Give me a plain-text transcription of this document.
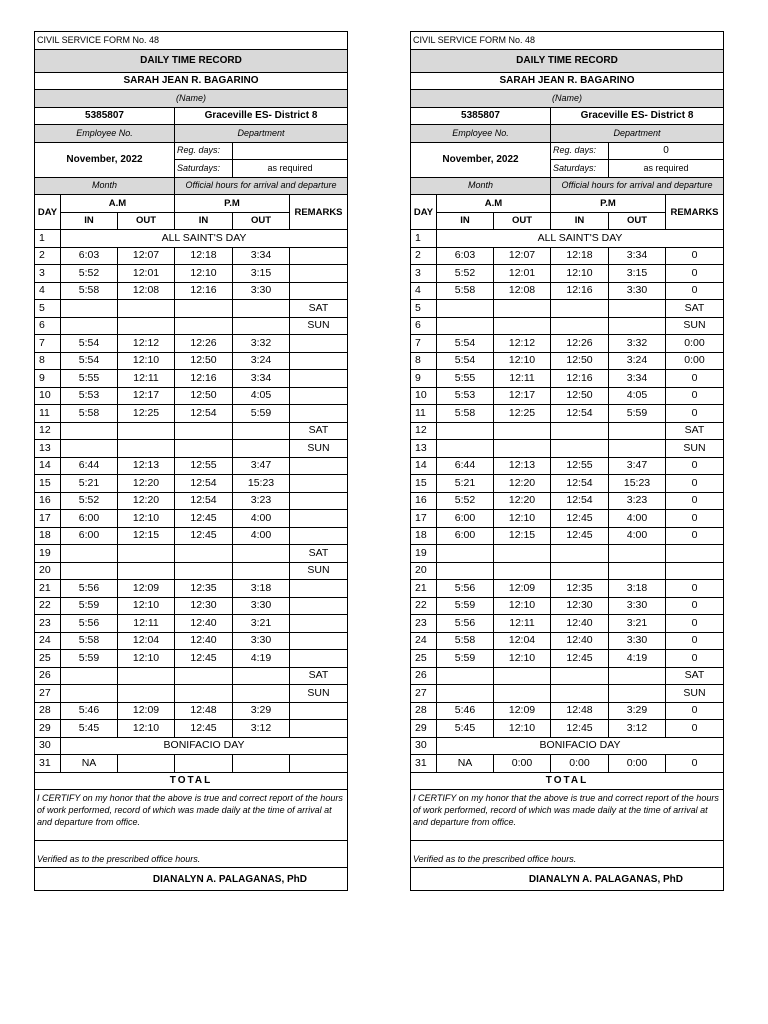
CIVIL SERVICE FORM No. 48					
DAILY TIME RECORD					
SARAH JEAN R. BAGARINO					
(Name)					
5385807			Graceville ES- District 8		
Employee No.			Department		
November, 2022			Reg. days:		
			Saturdays:	as required	
Month			Official hours for arrival and departure		
DAY	A.M		P.M		REMARKS
	IN	OUT	IN	OUT	
1	ALL SAINT'S DAY				
2	6:03	12:07	12:18	3:34	
3	5:52	12:01	12:10	3:15	
4	5:58	12:08	12:16	3:30	
5					SAT
6					SUN
7	5:54	12:12	12:26	3:32	
8	5:54	12:10	12:50	3:24	
9	5:55	12:11	12:16	3:34	
10	5:53	12:17	12:50	4:05	
11	5:58	12:25	12:54	5:59	
12					SAT
13					SUN
14	6:44	12:13	12:55	3:47	
15	5:21	12:20	12:54	15:23	
16	5:52	12:20	12:54	3:23	
17	6:00	12:10	12:45	4:00	
18	6:00	12:15	12:45	4:00	
19					SAT
20					SUN
21	5:56	12:09	12:35	3:18	
22	5:59	12:10	12:30	3:30	
23	5:56	12:11	12:40	3:21	
24	5:58	12:04	12:40	3:30	
25	5:59	12:10	12:45	4:19	
26					SAT
27					SUN
28	5:46	12:09	12:48	3:29	
29	5:45	12:10	12:45	3:12	
30	BONIFACIO DAY				
31	NA				
TOTAL					
I CERTIFY on my honor that the above is true and correct report of the hours of work performed, record of which was made daily at the time of arrival at and departure from office.					
Verified as to the prescribed office hours.					
DIANALYN A. PALAGANAS, PhD					
CIVIL SERVICE FORM No. 48					
DAILY TIME RECORD					
SARAH JEAN R. BAGARINO					
(Name)					
5385807			Graceville ES- District 8		
Employee No.			Department		
November, 2022			Reg. days:	0	
			Saturdays:	as required	
Month			Official hours for arrival and departure		
DAY	A.M		P.M		REMARKS
	IN	OUT	IN	OUT	
1	ALL SAINT'S DAY				
2	6:03	12:07	12:18	3:34	0
3	5:52	12:01	12:10	3:15	0
4	5:58	12:08	12:16	3:30	0
5					SAT
6					SUN
7	5:54	12:12	12:26	3:32	0:00
8	5:54	12:10	12:50	3:24	0:00
9	5:55	12:11	12:16	3:34	0
10	5:53	12:17	12:50	4:05	0
11	5:58	12:25	12:54	5:59	0
12					SAT
13					SUN
14	6:44	12:13	12:55	3:47	0
15	5:21	12:20	12:54	15:23	0
16	5:52	12:20	12:54	3:23	0
17	6:00	12:10	12:45	4:00	0
18	6:00	12:15	12:45	4:00	0
19					
20					
21	5:56	12:09	12:35	3:18	0
22	5:59	12:10	12:30	3:30	0
23	5:56	12:11	12:40	3:21	0
24	5:58	12:04	12:40	3:30	0
25	5:59	12:10	12:45	4:19	0
26					SAT
27					SUN
28	5:46	12:09	12:48	3:29	0
29	5:45	12:10	12:45	3:12	0
30	BONIFACIO DAY				
31	NA	0:00	0:00	0:00	0
TOTAL					
I CERTIFY on my honor that the above is true and correct report of the hours of work performed, record of which was made daily at the time of arrival at and departure from office.					
Verified as to the prescribed office hours.					
DIANALYN A. PALAGANAS, PhD					
